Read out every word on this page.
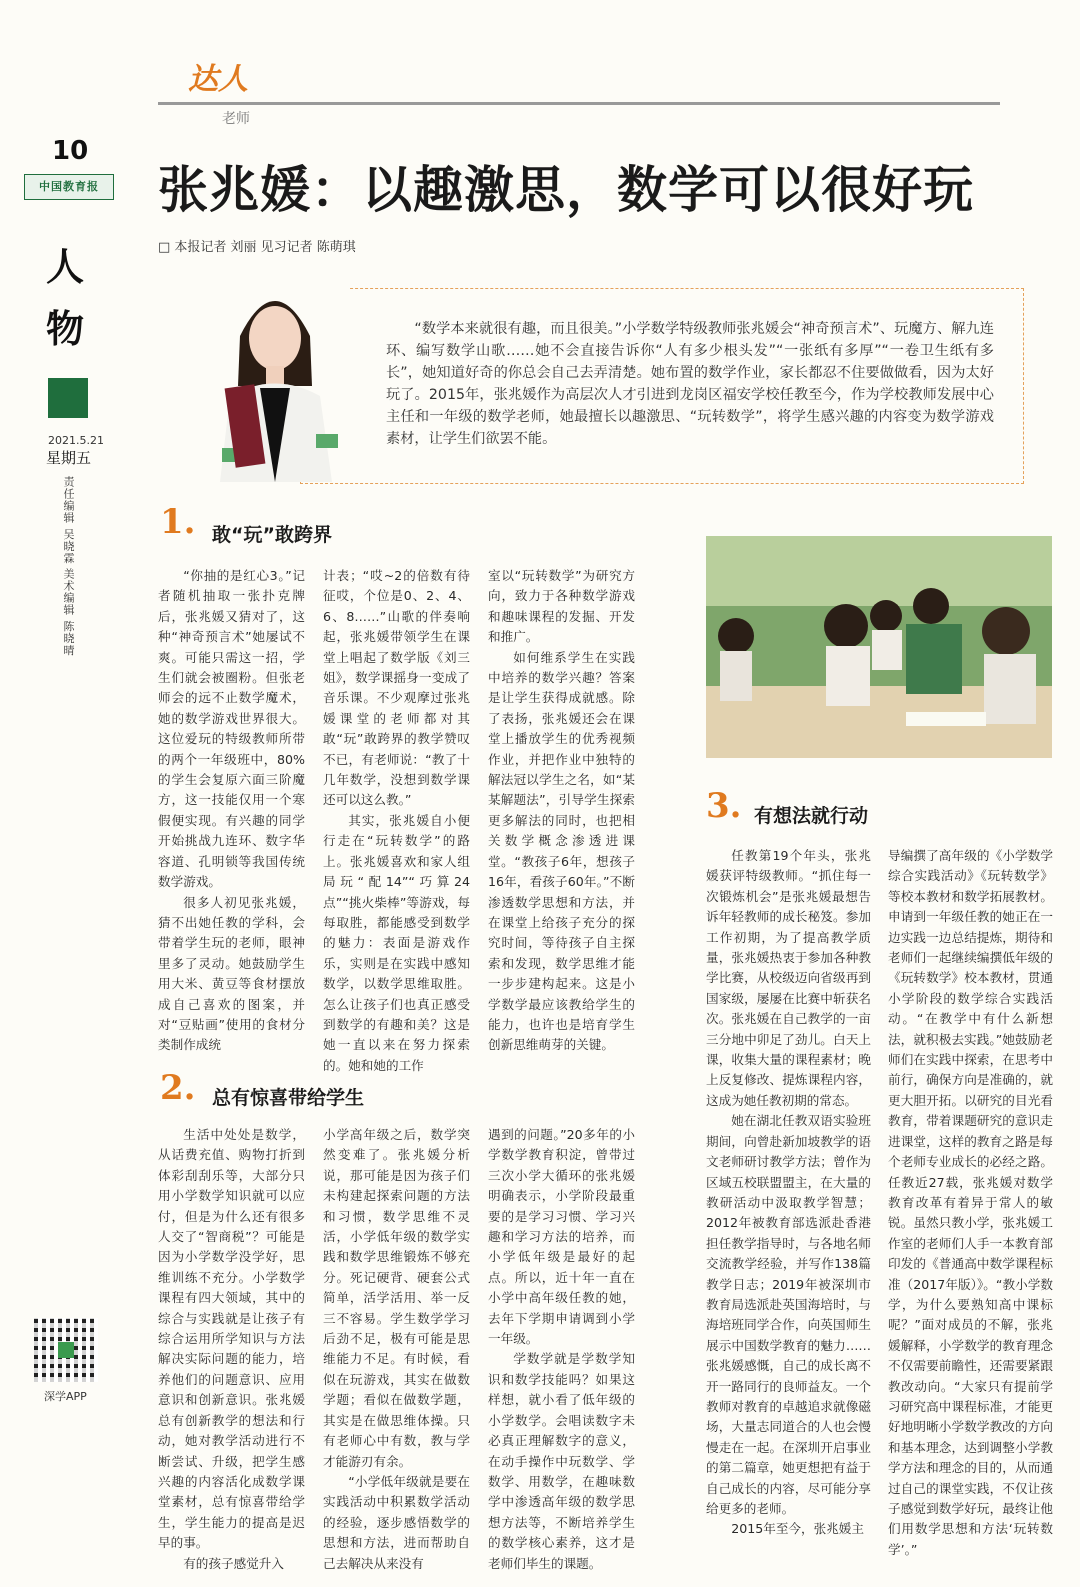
10
中国教育报
人物
2021.5.21
星期五
责任编辑 吴晓霖
美术编辑 陈晓晴
深学APP
达人
老师
张兆媛：以趣激思，数学可以很好玩
□ 本报记者 刘丽 见习记者 陈萌琪
“数学本来就很有趣，而且很美。”小学数学特级教师张兆媛会“神奇预言术”、玩魔方、解九连环、编写数学山歌……她不会直接告诉你“人有多少根头发”“一张纸有多厚”“一卷卫生纸有多长”，她知道好奇的你总会自己去弄清楚。她布置的数学作业，家长都忍不住要做做看，因为太好玩了。2015年，张兆媛作为高层次人才引进到龙岗区福安学校任教至今，作为学校教师发展中心主任和一年级的数学老师，她最擅长以趣激思、“玩转数学”，将学生感兴趣的内容变为数学游戏素材，让学生们欲罢不能。
1. 敢“玩”敢跨界

“你抽的是红心3。”记者随机抽取一张扑克牌后，张兆媛又猜对了，这种“神奇预言术”她屡试不爽。可能只需这一招，学生们就会被圈粉。但张老师会的远不止数学魔术，她的数学游戏世界很大。这位爱玩的特级教师所带的两个一年级班中，80%的学生会复原六面三阶魔方，这一技能仅用一个寒假便实现。有兴趣的同学开始挑战九连环、数字华容道、孔明锁等我国传统数学游戏。

很多人初见张兆媛，猜不出她任教的学科，会带着学生玩的老师，眼神里多了灵动。她鼓励学生用大米、黄豆等食材摆放成自己喜欢的图案，并对“豆贴画”使用的食材分类制作成统

计表；“哎~2的倍数有待征哎，个位是0、2、4、6、8……”山歌的伴奏响起，张兆媛带领学生在课堂上唱起了数学版《刘三姐》，数学课摇身一变成了音乐课。不少观摩过张兆媛课堂的老师都对其敢“玩”敢跨界的教学赞叹不已，有老师说：“教了十几年数学，没想到数学课还可以这么教。”

其实，张兆媛自小便行走在“玩转数学”的路上。张兆媛喜欢和家人组局玩“配14”“巧算24点”“挑火柴棒”等游戏，每每取胜，都能感受到数学的魅力：表面是游戏作乐，实则是在实践中感知数学，以数学思维取胜。怎么让孩子们也真正感受到数学的有趣和美？这是她一直以来在努力探索的。她和她的工作

室以“玩转数学”为研究方向，致力于各种数学游戏和趣味课程的发掘、开发和推广。

如何维系学生在实践中培养的数学兴趣？答案是让学生获得成就感。除了表扬，张兆媛还会在课堂上播放学生的优秀视频作业，并把作业中独特的解法冠以学生之名，如“某某解题法”，引导学生探索更多解法的同时，也把相关数学概念渗透进课堂。“教孩子6年，想孩子16年，看孩子60年。”不断渗透数学思想和方法，并在课堂上给孩子充分的探究时间，等待孩子自主探索和发现，数学思维才能一步步建构起来。这是小学数学最应该教给学生的能力，也许也是培育学生创新思维萌芽的关键。

2. 总有惊喜带给学生

生活中处处是数学，从话费充值、购物打折到体彩刮刮乐等，大部分只用小学数学知识就可以应付，但是为什么还有很多人交了“智商税”？可能是因为小学数学没学好，思维训练不充分。小学数学课程有四大领域，其中的综合与实践就是让孩子有综合运用所学知识与方法解决实际问题的能力，培养他们的问题意识、应用意识和创新意识。张兆媛总有创新教学的想法和行动，她对教学活动进行不断尝试、升级，把学生感兴趣的内容活化成数学课堂素材，总有惊喜带给学生，学生能力的提高是迟早的事。

有的孩子感觉升入

小学高年级之后，数学突然变难了。张兆媛分析说，那可能是因为孩子们未构建起探索问题的方法和习惯，数学思维不灵活，小学低年级的数学实践和数学思维锻炼不够充分。死记硬背、硬套公式简单，活学活用、举一反三不容易。学生数学学习后劲不足，极有可能是思维能力不足。有时候，看似在玩游戏，其实在做数学题；看似在做数学题，其实是在做思维体操。只有老师心中有数，教与学才能游刃有余。

“小学低年级就是要在实践活动中积累数学活动的经验，逐步感悟数学的思想和方法，进而帮助自己去解决从来没有

遇到的问题。”20多年的小学数学教育积淀，曾带过三次小学大循环的张兆媛明确表示，小学阶段最重要的是学习习惯、学习兴趣和学习方法的培养，而小学低年级是最好的起点。所以，近十年一直在小学中高年级任教的她，去年下学期申请调到小学一年级。

学数学就是学数学知识和数学技能吗？如果这样想，就小看了低年级的小学数学。会唱读数字未必真正理解数字的意义，在动手操作中玩数学、学数学、用数学，在趣味数学中渗透高年级的数学思想方法等，不断培养学生的数学核心素养，这才是老师们毕生的课题。

3. 有想法就行动

任教第19个年头，张兆媛获评特级教师。“抓住每一次锻炼机会”是张兆媛最想告诉年轻教师的成长秘笈。参加工作初期，为了提高教学质量，张兆媛热衷于参加各种教学比赛，从校级迈向省级再到国家级，屡屡在比赛中斩获名次。张兆媛在自己教学的一亩三分地中卯足了劲儿。白天上课，收集大量的课程素材；晚上反复修改、提炼课程内容，这成为她任教初期的常态。

她在湖北任教双语实验班期间，向曾赴新加坡教学的语文老师研讨教学方法；曾作为区域五校联盟盟主，在大量的教研活动中汲取教学智慧；2012年被教育部选派赴香港担任教学指导时，与各地名师交流教学经验，并写作138篇教学日志；2019年被深圳市教育局选派赴英国海培时，与海培班同学合作，向英国师生展示中国数学教育的魅力……张兆媛感慨，自己的成长离不开一路同行的良师益友。一个教师对教育的卓越追求就像磁场，大量志同道合的人也会慢慢走在一起。在深圳开启事业的第二篇章，她更想把有益于自己成长的内容，尽可能分享给更多的老师。

2015年至今，张兆媛主

导编撰了高年级的《小学数学综合实践活动》《玩转数学》等校本教材和数学拓展教材。申请到一年级任教的她正在一边实践一边总结提炼，期待和老师们一起继续编撰低年级的《玩转数学》校本教材，贯通小学阶段的数学综合实践活动。“在教学中有什么新想法，就积极去实践。”她鼓励老师们在实践中探索，在思考中前行，确保方向是准确的，就更大胆开拓。以研究的目光看教育，带着课题研究的意识走进课堂，这样的教育之路是每个老师专业成长的必经之路。任教近27载，张兆媛对数学教育改革有着异于常人的敏锐。虽然只教小学，张兆媛工作室的老师们人手一本教育部印发的《普通高中数学课程标准（2017年版）》。“教小学数学，为什么要熟知高中课标呢？”面对成员的不解，张兆媛解释，小学数学的教育理念不仅需要前瞻性，还需要紧跟教改动向。“大家只有提前学习研究高中课程标准，才能更好地明晰小学数学教改的方向和基本理念，达到调整小学教学方法和理念的目的，从而通过自己的课堂实践，不仅让孩子感觉到数学好玩，最终让他们用数学思想和方法‘玩转数学’。”
